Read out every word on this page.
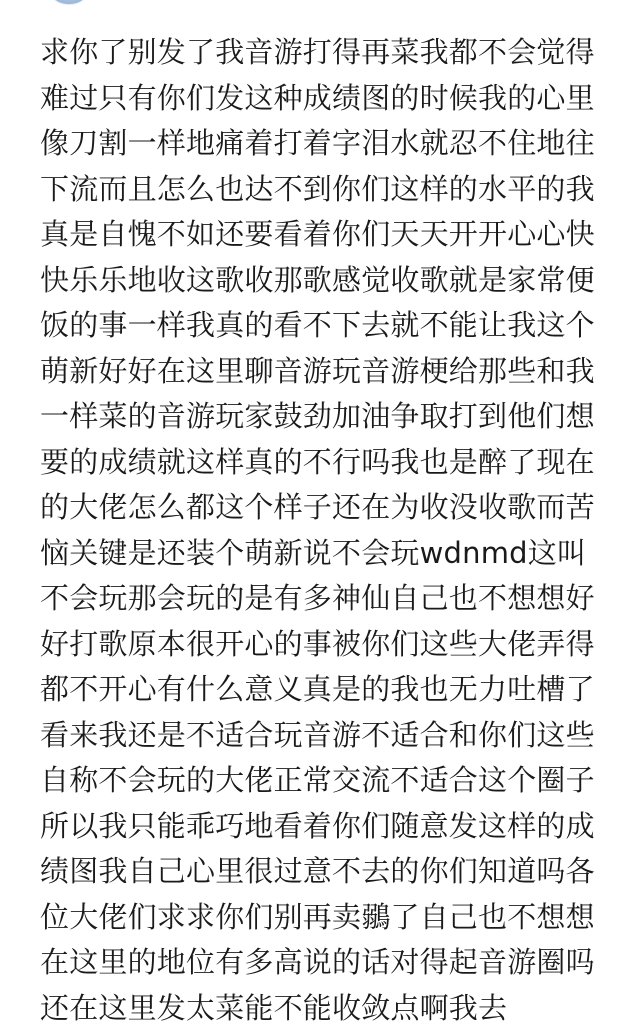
求你了别发了我音游打得再菜我都不会觉得
难过只有你们发这种成绩图的时候我的心里
像刀割一样地痛着打着字泪水就忍不住地往
下流而且怎么也达不到你们这样的水平的我
真是自愧不如还要看着你们天天开开心心快
快乐乐地收这歌收那歌感觉收歌就是家常便
饭的事一样我真的看不下去就不能让我这个
萌新好好在这里聊音游玩音游梗给那些和我
一样菜的音游玩家鼓劲加油争取打到他们想
要的成绩就这样真的不行吗我也是醉了现在
的大佬怎么都这个样子还在为收没收歌而苦
恼关键是还装个萌新说不会玩wdnmd这叫
不会玩那会玩的是有多神仙自己也不想想好
好打歌原本很开心的事被你们这些大佬弄得
都不开心有什么意义真是的我也无力吐槽了
看来我还是不适合玩音游不适合和你们这些
自称不会玩的大佬正常交流不适合这个圈子
所以我只能乖巧地看着你们随意发这样的成
绩图我自己心里很过意不去的你们知道吗各
位大佬们求求你们别再卖鶸了自己也不想想
在这里的地位有多高说的话对得起音游圈吗
还在这里发太菜能不能收敛点啊我去
